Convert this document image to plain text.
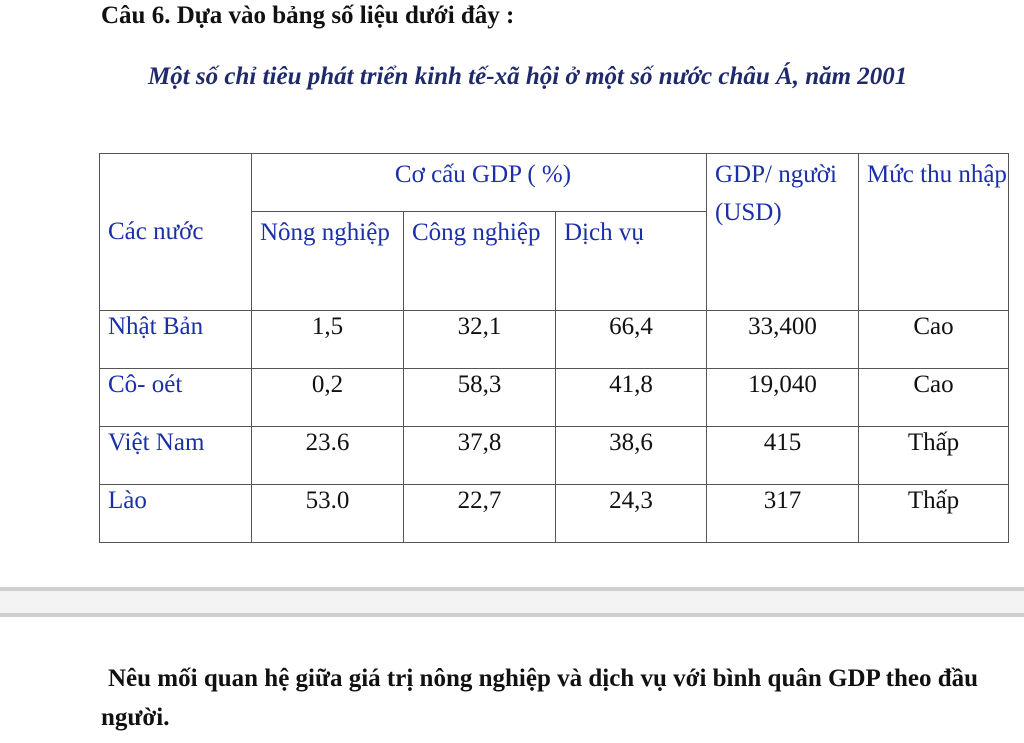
Câu 6. Dựa vào bảng số liệu dưới đây :
Một số chỉ tiêu phát triển kinh tế-xã hội ở một số nước châu Á, năm 2001
Các nước	Cơ cấu GDP ( %)			GDP/ người (USD)	Mức thu nhập
	Nông nghiệp	Công nghiệp	Dịch vụ		
Nhật Bản	1,5	32,1	66,4	33,400	Cao
Cô- oét	0,2	58,3	41,8	19,040	Cao
Việt Nam	23.6	37,8	38,6	415	Thấp
Lào	53.0	22,7	24,3	317	Thấp
Nêu mối quan hệ giữa giá trị nông nghiệp và dịch vụ với bình quân GDP theo đầu người.
